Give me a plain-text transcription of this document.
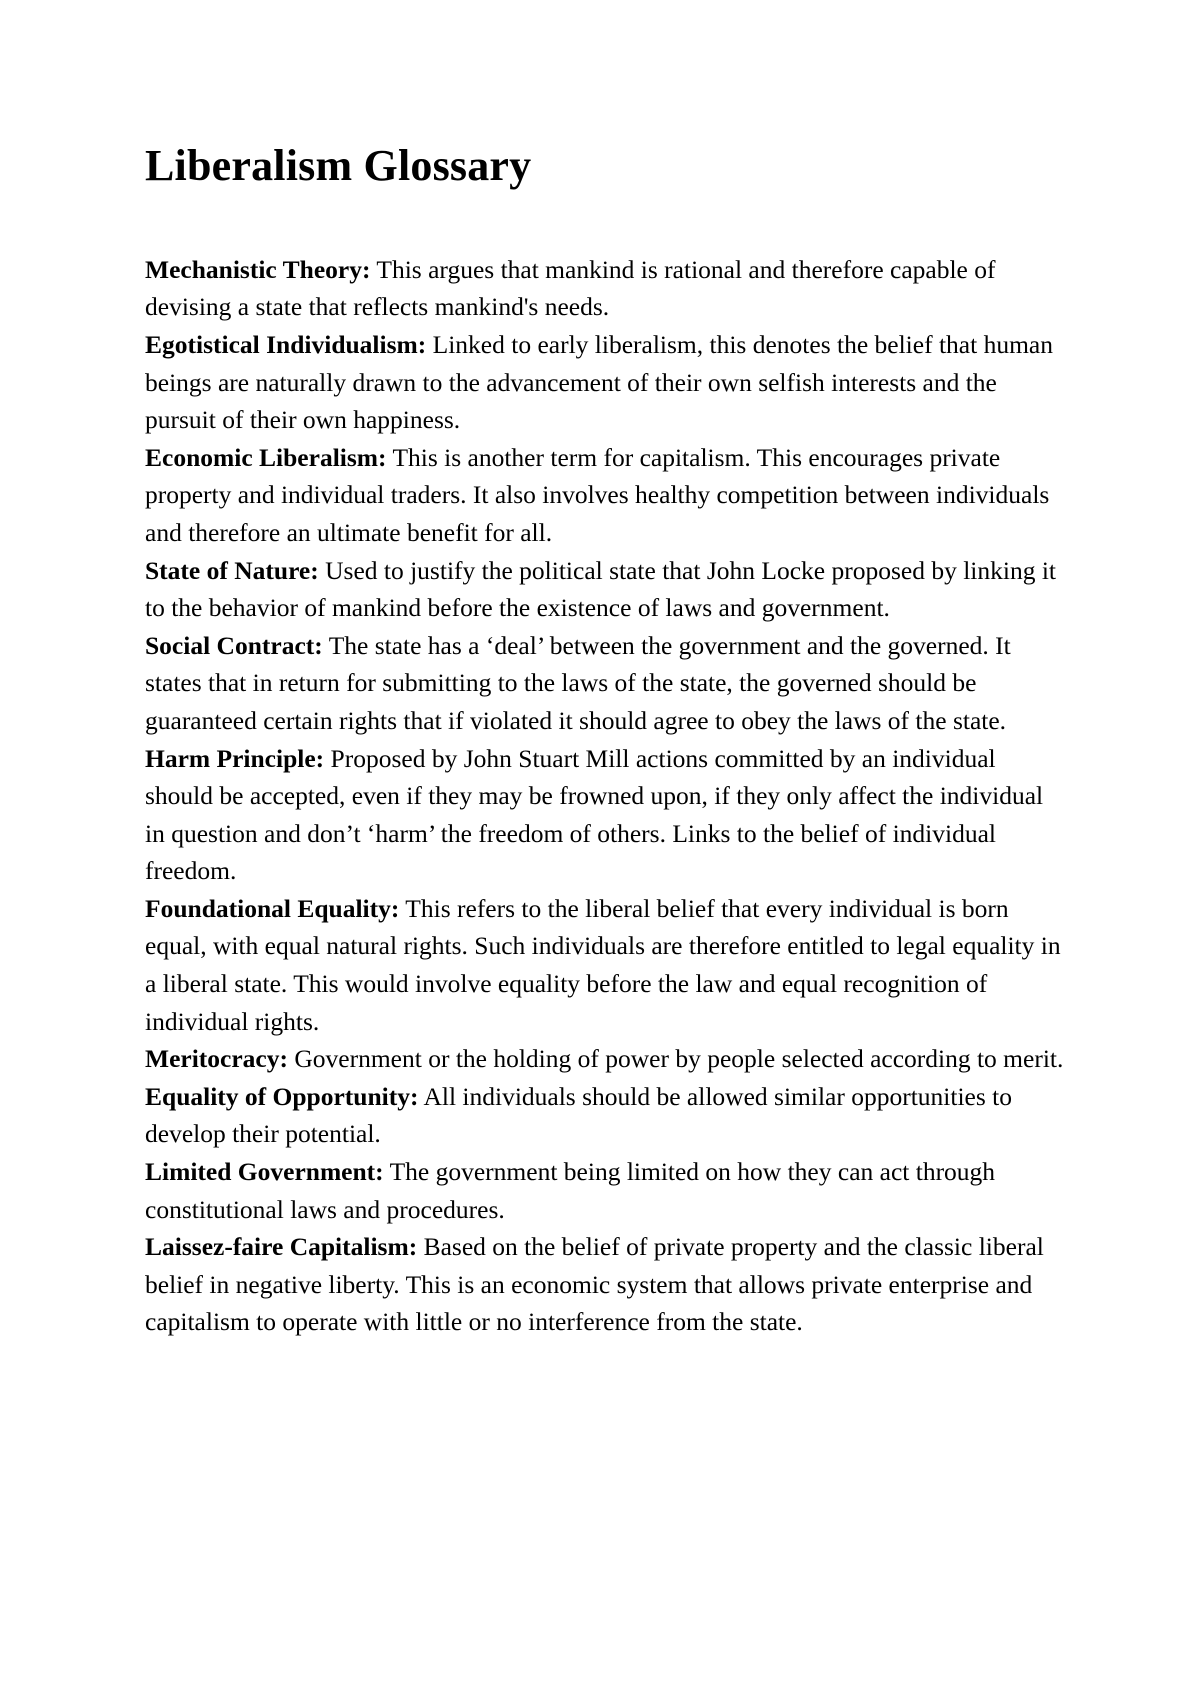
Liberalism Glossary

Mechanistic Theory: This argues that mankind is rational and therefore capable of devising a state that reflects mankind's needs.

Egotistical Individualism: Linked to early liberalism, this denotes the belief that human beings are naturally drawn to the advancement of their own selfish interests and the pursuit of their own happiness.

Economic Liberalism: This is another term for capitalism. This encourages private property and individual traders. It also involves healthy competition between individuals and therefore an ultimate benefit for all.

State of Nature: Used to justify the political state that John Locke proposed by linking it to the behavior of mankind before the existence of laws and government.

Social Contract: The state has a ‘deal’ between the government and the governed. It states that in return for submitting to the laws of the state, the governed should be guaranteed certain rights that if violated it should agree to obey the laws of the state.

Harm Principle: Proposed by John Stuart Mill actions committed by an individual should be accepted, even if they may be frowned upon, if they only affect the individual in question and don’t ‘harm’ the freedom of others. Links to the belief of individual freedom.

Foundational Equality: This refers to the liberal belief that every individual is born equal, with equal natural rights. Such individuals are therefore entitled to legal equality in a liberal state. This would involve equality before the law and equal recognition of individual rights.

Meritocracy: Government or the holding of power by people selected according to merit.

Equality of Opportunity: All individuals should be allowed similar opportunities to develop their potential.

Limited Government: The government being limited on how they can act through constitutional laws and procedures.

Laissez-faire Capitalism: Based on the belief of private property and the classic liberal belief in negative liberty. This is an economic system that allows private enterprise and capitalism to operate with little or no interference from the state.
